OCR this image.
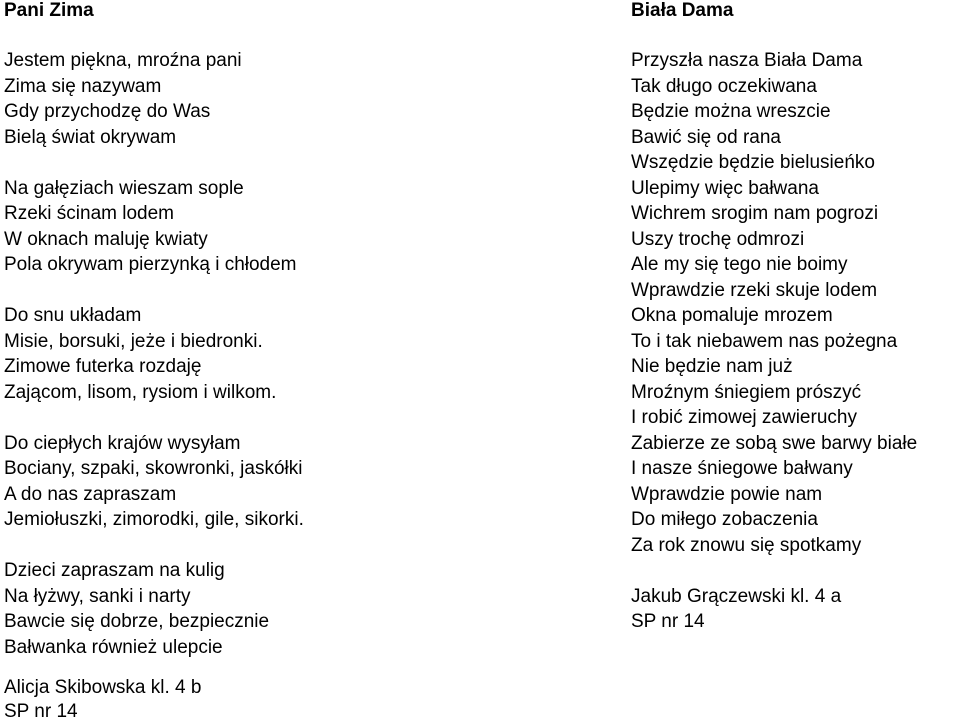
Pani Zima
Jestem piękna, mroźna pani
Zima się nazywam
Gdy przychodzę do Was
Bielą świat okrywam
Na gałęziach wieszam sople
Rzeki ścinam lodem
W oknach maluję kwiaty
Pola okrywam pierzynką i chłodem
Do snu układam
Misie, borsuki, jeże i biedronki.
Zimowe futerka rozdaję
Zającom, lisom, rysiom i wilkom.
Do ciepłych krajów wysyłam
Bociany, szpaki, skowronki, jaskółki
A do nas zapraszam
Jemiołuszki, zimorodki, gile, sikorki.
Dzieci zapraszam na kulig
Na łyżwy, sanki i narty
Bawcie się dobrze, bezpiecznie
Bałwanka również ulepcie
Alicja Skibowska kl. 4 b
SP nr 14
Biała Dama
Przyszła nasza Biała Dama
Tak długo oczekiwana
Będzie można wreszcie
Bawić się od rana
Wszędzie będzie bielusieńko
Ulepimy więc bałwana
Wichrem srogim nam pogrozi
Uszy trochę odmrozi
Ale my się tego nie boimy
Wprawdzie rzeki skuje lodem
Okna pomaluje mrozem
To i tak niebawem nas pożegna
Nie będzie nam już
Mroźnym śniegiem prószyć
I robić zimowej zawieruchy
Zabierze ze sobą swe barwy białe
I nasze śniegowe bałwany
Wprawdzie powie nam
Do miłego zobaczenia
Za rok znowu się spotkamy
Jakub Grączewski kl. 4 a
SP nr 14
